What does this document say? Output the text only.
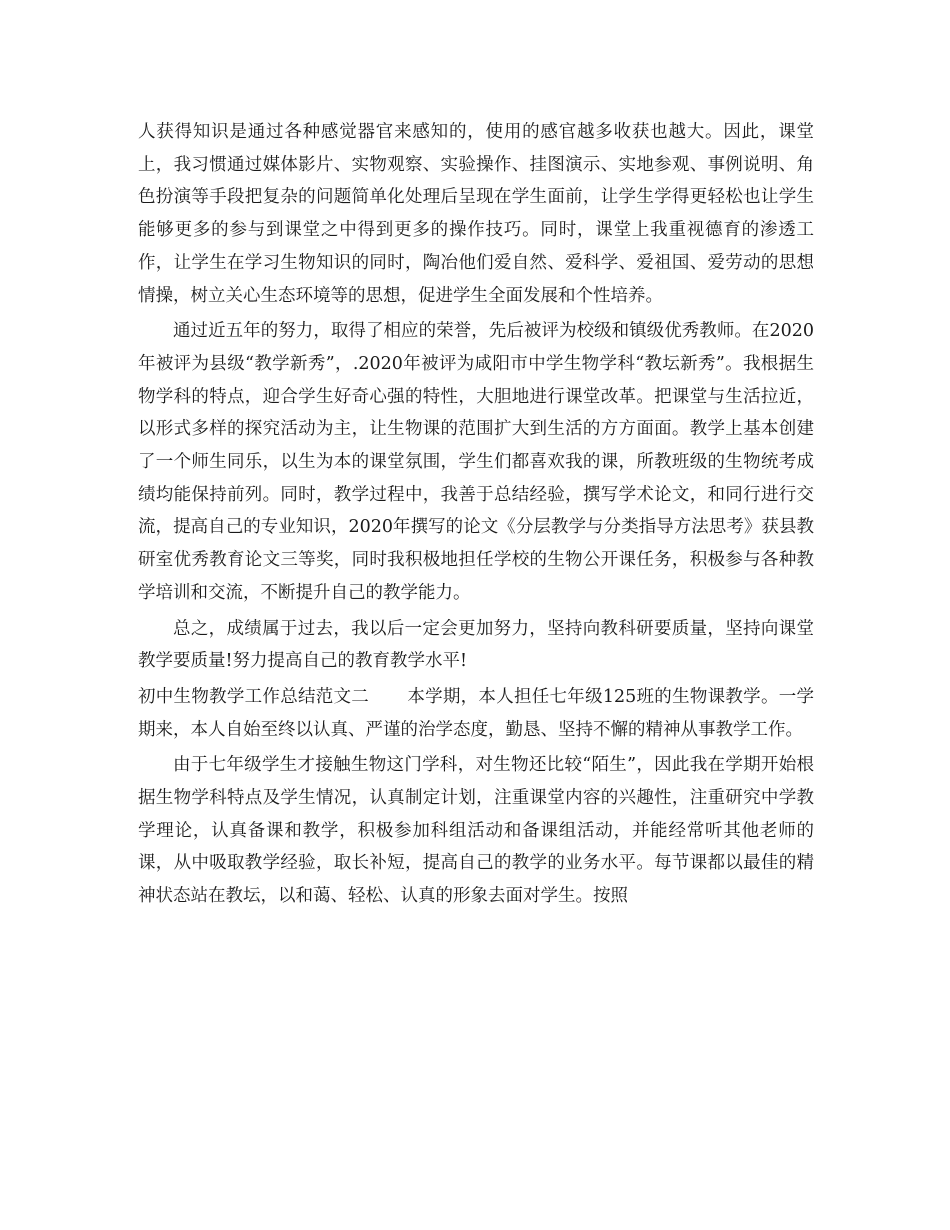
人获得知识是通过各种感觉器官来感知的，使用的感官越多收获也越大。因此，课堂上，我习惯通过媒体影片、实物观察、实验操作、挂图演示、实地参观、事例说明、角色扮演等手段把复杂的问题简单化处理后呈现在学生面前，让学生学得更轻松也让学生能够更多的参与到课堂之中得到更多的操作技巧。同时，课堂上我重视德育的渗透工作，让学生在学习生物知识的同时，陶冶他们爱自然、爱科学、爱祖国、爱劳动的思想情操，树立关心生态环境等的思想，促进学生全面发展和个性培养。

通过近五年的努力，取得了相应的荣誉，先后被评为校级和镇级优秀教师。在2020年被评为县级“教学新秀”，.2020年被评为咸阳市中学生物学科“教坛新秀”。我根据生物学科的特点，迎合学生好奇心强的特性，大胆地进行课堂改革。把课堂与生活拉近，以形式多样的探究活动为主，让生物课的范围扩大到生活的方方面面。教学上基本创建了一个师生同乐，以生为本的课堂氛围，学生们都喜欢我的课，所教班级的生物统考成绩均能保持前列。同时，教学过程中，我善于总结经验，撰写学术论文，和同行进行交流，提高自己的专业知识，2020年撰写的论文《分层教学与分类指导方法思考》获县教研室优秀教育论文三等奖，同时我积极地担任学校的生物公开课任务，积极参与各种教学培训和交流，不断提升自己的教学能力。

总之，成绩属于过去，我以后一定会更加努力，坚持向教科研要质量，坚持向课堂教学要质量!努力提高自己的教育教学水平!

初中生物教学工作总结范文二 本学期，本人担任七年级125班的生物课教学。一学期来，本人自始至终以认真、严谨的治学态度，勤恳、坚持不懈的精神从事教学工作。

由于七年级学生才接触生物这门学科，对生物还比较“陌生”，因此我在学期开始根据生物学科特点及学生情况，认真制定计划，注重课堂内容的兴趣性，注重研究中学教学理论，认真备课和教学，积极参加科组活动和备课组活动，并能经常听其他老师的课，从中吸取教学经验，取长补短，提高自己的教学的业务水平。每节课都以最佳的精神状态站在教坛，以和蔼、轻松、认真的形象去面对学生。按照
